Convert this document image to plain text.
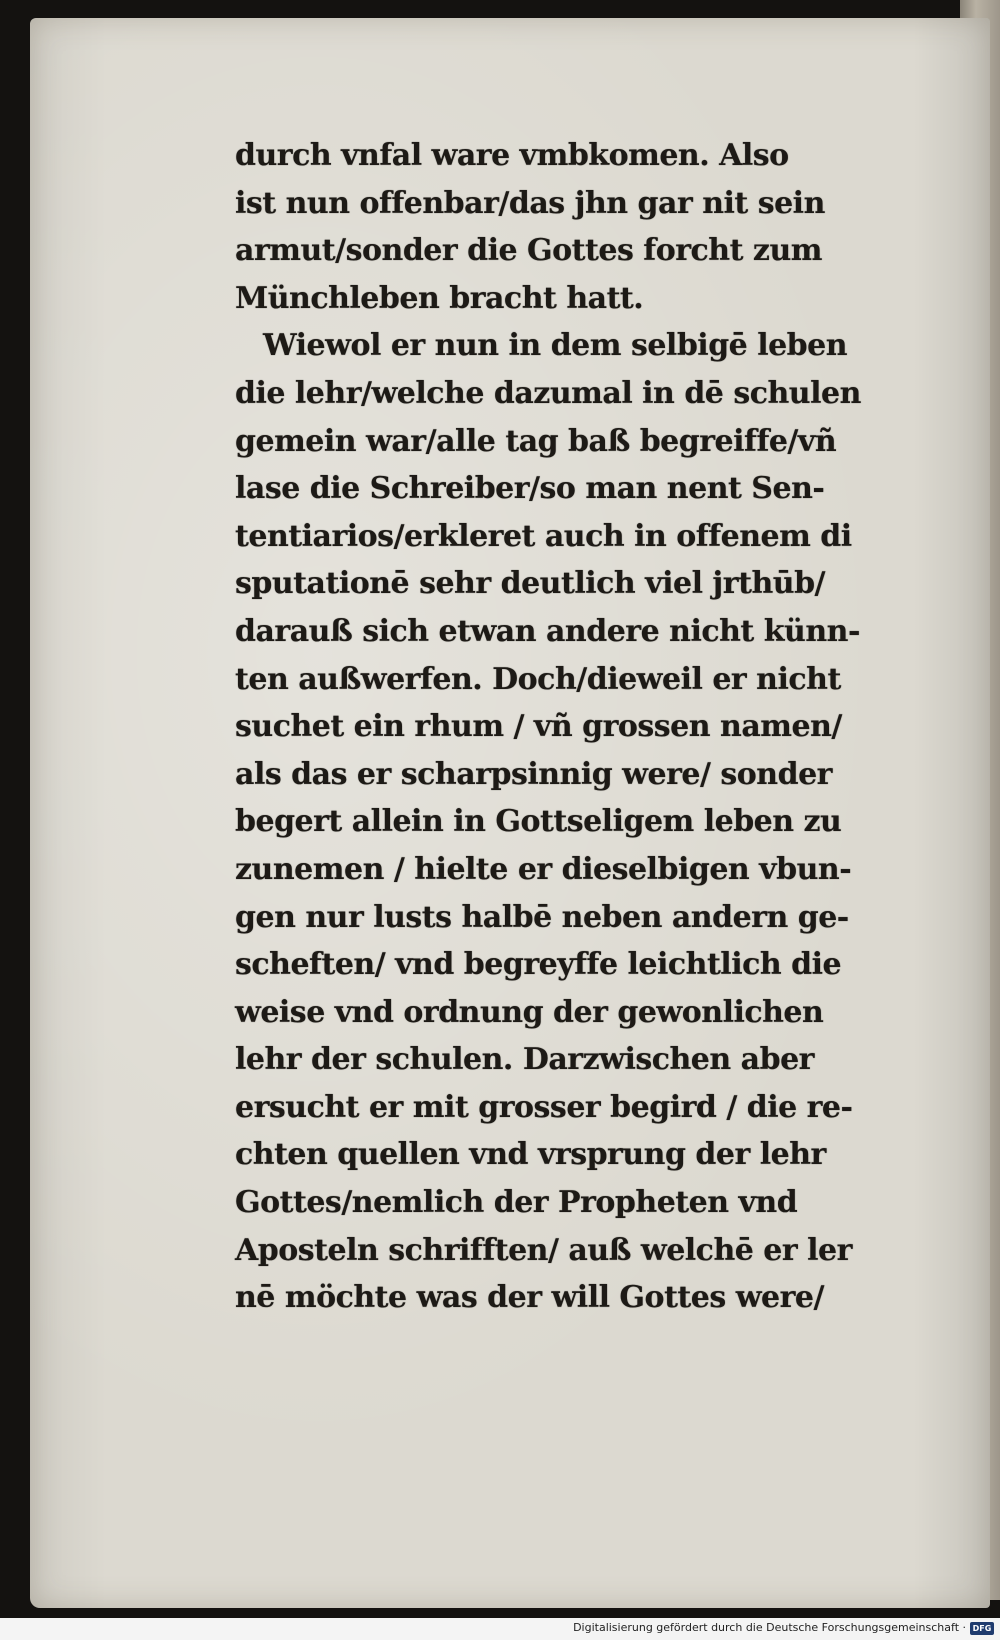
durch vnfal ware vmbkomen. Also
ist nun offenbar/das jhn gar nit sein
armut/sonder die Gottes forcht zum
Münchleben bracht hatt.
Wiewol er nun in dem selbigē leben
die lehr/welche dazumal in dē schulen
gemein war/alle tag baß begreiffe/vñ
lase die Schreiber/so man nent Sen-
tentiarios/erkleret auch in offenem di
sputationē sehr deutlich viel jrthūb/
darauß sich etwan andere nicht künn-
ten außwerfen. Doch/dieweil er nicht
suchet ein rhum / vñ grossen namen/
als das er scharpsinnig were/ sonder
begert allein in Gottseligem leben zu
zunemen / hielte er dieselbigen vbun-
gen nur lusts halbē neben andern ge-
scheften/ vnd begreyffe leichtlich die
weise vnd ordnung der gewonlichen
lehr der schulen. Darzwischen aber
ersucht er mit grosser begird / die re-
chten quellen vnd vrsprung der lehr
Gottes/nemlich der Propheten vnd
Aposteln schrifften/ auß welchē er ler
nē möchte was der will Gottes were/
Digitalisierung gefördert durch die Deutsche Forschungsgemeinschaft · DFG
